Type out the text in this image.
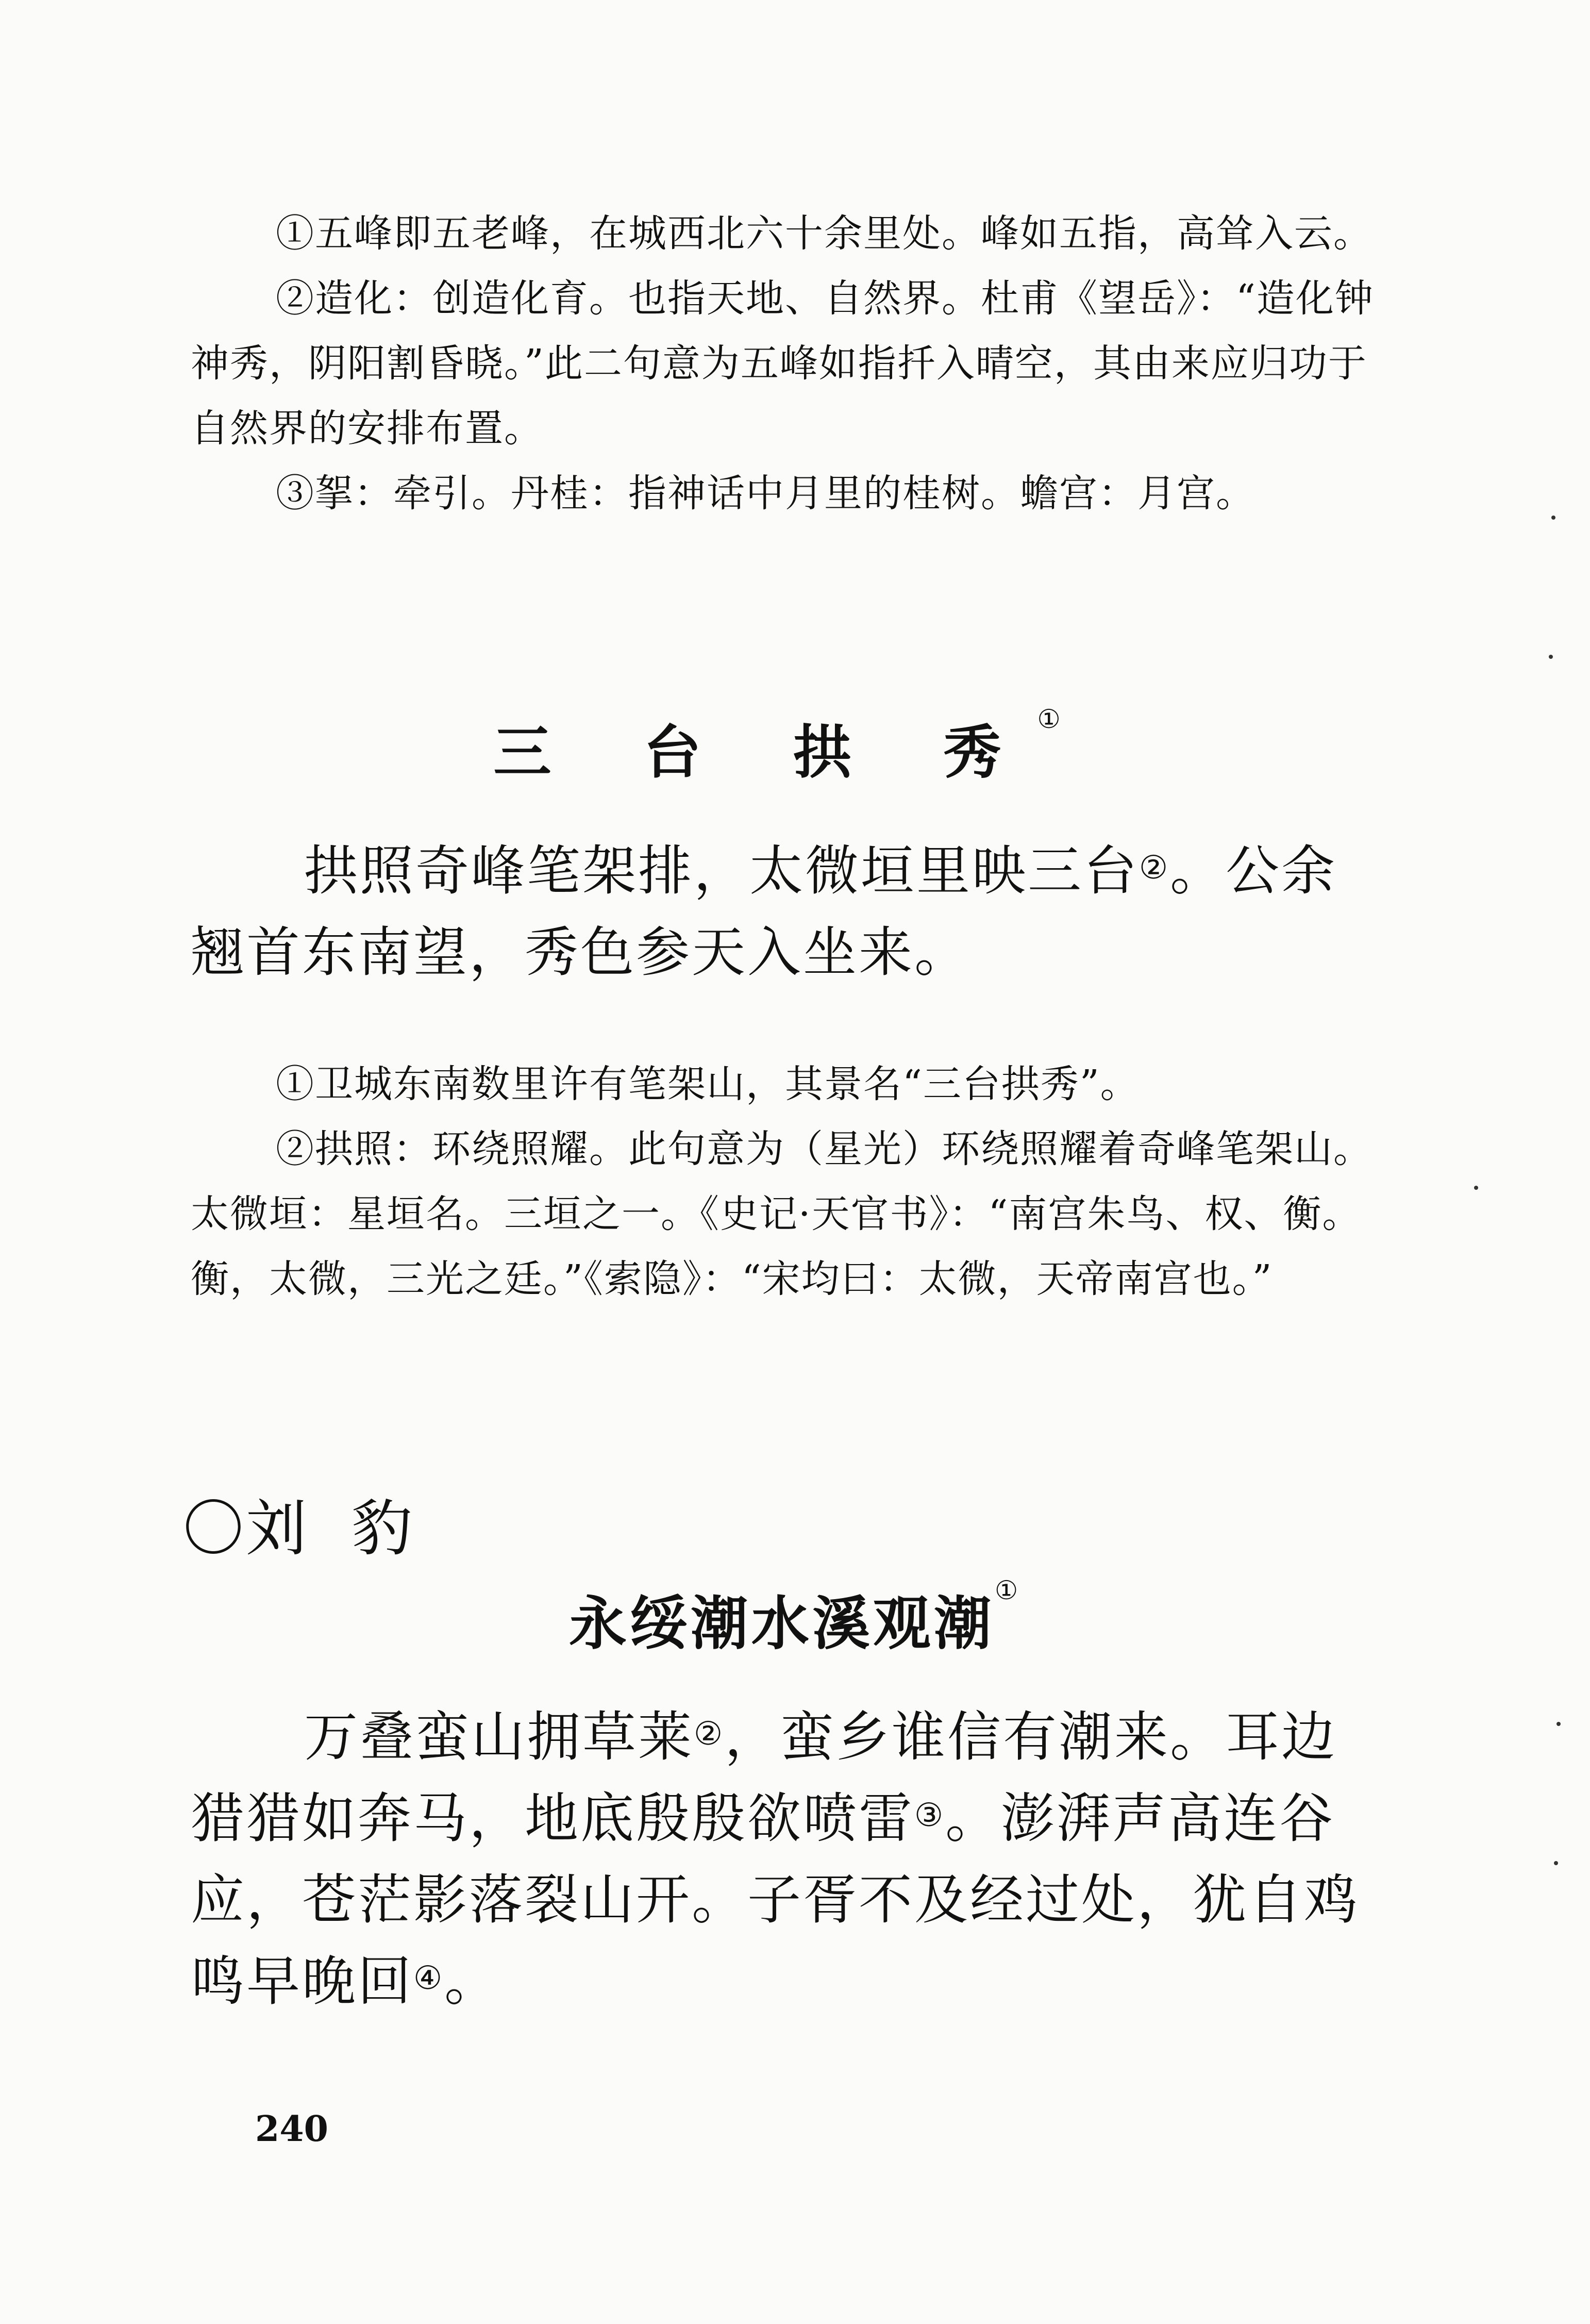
①五峰即五老峰，在城西北六十余里处。峰如五指，高耸入云。

②造化：创造化育。也指天地、自然界。杜甫《望岳》：“造化钟神秀，阴阳割昏晓。”此二句意为五峰如指扦入晴空，其由来应归功于自然界的安排布置。

③挐：牵引。丹桂：指神话中月里的桂树。蟾宫：月宫。

三 台 拱 秀①

拱照奇峰笔架排，太微垣里映三台②。公余翘首东南望，秀色参天入坐来。

①卫城东南数里许有笔架山，其景名“三台拱秀”。

②拱照：环绕照耀。此句意为（星光）环绕照耀着奇峰笔架山。太微垣：星垣名。三垣之一。《史记·天官书》：“南宫朱鸟、权、衡。衡，太微，三光之廷。”《索隐》：“宋均曰：太微，天帝南宫也。”

〇刘  豹
永绥潮水溪观潮①

万叠蛮山拥草莱②，蛮乡谁信有潮来。耳边猎猎如奔马，地底殷殷欲喷雷③。澎湃声高连谷应，苍茫影落裂山开。子胥不及经过处，犹自鸡鸣早晚回④。

240
